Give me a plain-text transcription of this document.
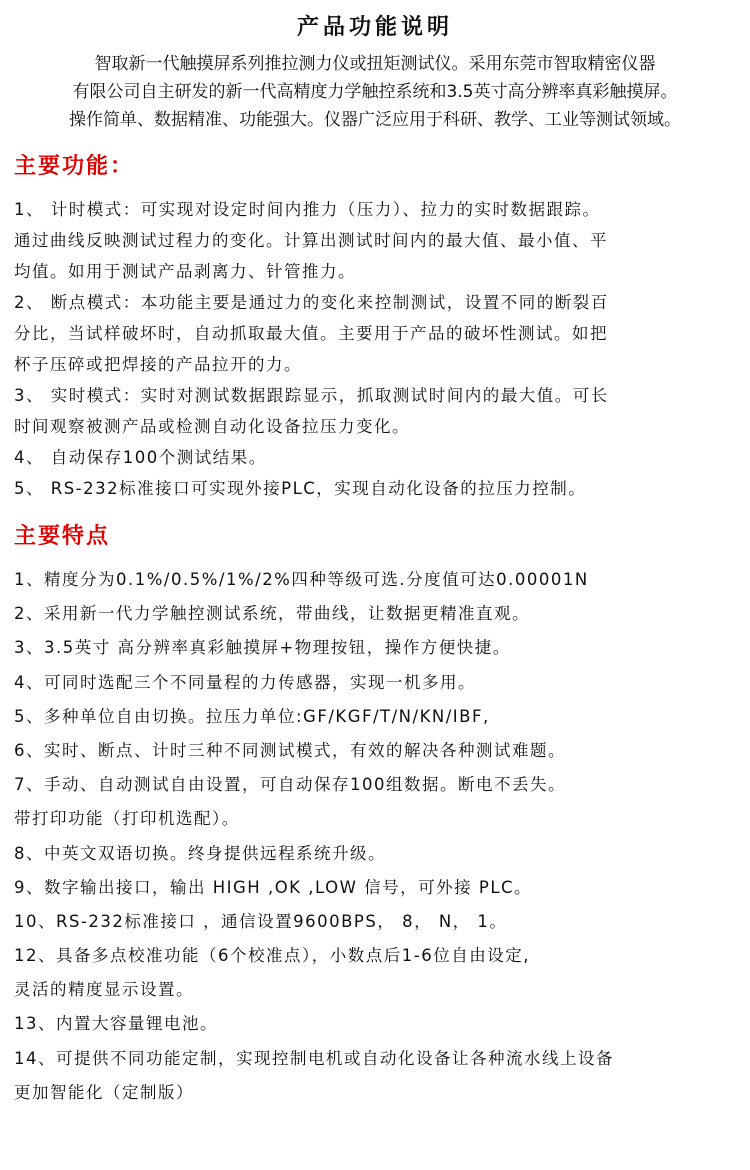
产品功能说明
智取新一代触摸屏系列推拉测力仪或扭矩测试仪。采用东莞市智取精密仪器
有限公司自主研发的新一代高精度力学触控系统和3.5英寸高分辨率真彩触摸屏。
操作简单、数据精准、功能强大。仪器广泛应用于科研、教学、工业等测试领域。
主要功能：
1、 计时模式：可实现对设定时间内推力（压力）、拉力的实时数据跟踪。
通过曲线反映测试过程力的变化。计算出测试时间内的最大值、最小值、平
均值。如用于测试产品剥离力、针管推力。
2、 断点模式：本功能主要是通过力的变化来控制测试，设置不同的断裂百
分比，当试样破坏时，自动抓取最大值。主要用于产品的破坏性测试。如把
杯子压碎或把焊接的产品拉开的力。
3、 实时模式：实时对测试数据跟踪显示，抓取测试时间内的最大值。可长
时间观察被测产品或检测自动化设备拉压力变化。
4、 自动保存100个测试结果。
5、 RS-232标准接口可实现外接PLC，实现自动化设备的拉压力控制。
主要特点
1、精度分为0.1%/0.5%/1%/2%四种等级可选.分度值可达0.00001N
2、采用新一代力学触控测试系统，带曲线，让数据更精准直观。
3、3.5英寸 高分辨率真彩触摸屏+物理按钮，操作方便快捷。
4、可同时选配三个不同量程的力传感器，实现一机多用。
5、多种单位自由切换。拉压力单位:GF/KGF/T/N/KN/IBF,
6、实时、断点、计时三种不同测试模式，有效的解决各种测试难题。
7、手动、自动测试自由设置，可自动保存100组数据。断电不丢失。
带打印功能（打印机选配）。
8、中英文双语切换。终身提供远程系统升级。
9、数字输出接口，输出 HIGH ,OK ,LOW 信号，可外接 PLC。
10、RS-232标准接口 ，通信设置9600BPS， 8， N， 1。
12、具备多点校准功能（6个校准点），小数点后1-6位自由设定,
灵活的精度显示设置。
13、内置大容量锂电池。
14、可提供不同功能定制，实现控制电机或自动化设备让各种流水线上设备
更加智能化（定制版）
